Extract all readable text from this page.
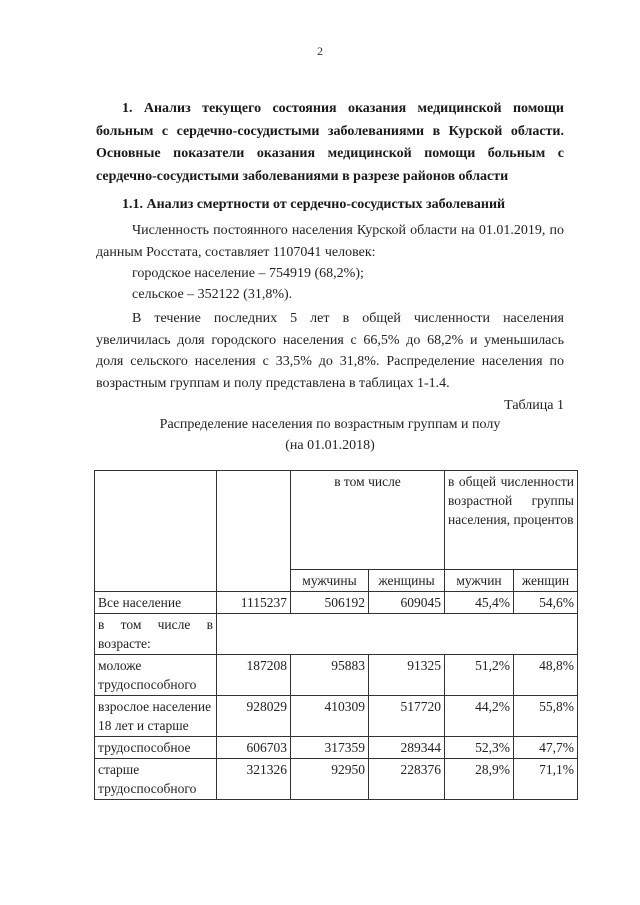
2
1. Анализ текущего состояния оказания медицинской помощи больным с сердечно-сосудистыми заболеваниями в Курской области. Основные показатели оказания медицинской помощи больным с сердечно-сосудистыми заболеваниями в разрезе районов области
1.1. Анализ смертности от сердечно-сосудистых заболеваний
Численность постоянного населения Курской области на 01.01.2019, по данным Росстата, составляет 1107041 человек:
городское население – 754919 (68,2%);
сельское – 352122 (31,8%).
В течение последних 5 лет в общей численности населения увеличилась доля городского населения с 66,5% до 68,2% и уменьшилась доля сельского населения с 33,5% до 31,8%. Распределение населения по возрастным группам и полу представлена в таблицах 1-1.4.
Таблица 1
Распределение населения по возрастным группам и полу
(на 01.01.2018)
		в том числе		в общей численности возрастной группы населения, процентов	
		мужчины	женщины	мужчин	женщин
Все население	1115237	506192	609045	45,4%	54,6%
в том числе в возрасте:					
моложе трудоспособного	187208	95883	91325	51,2%	48,8%
взрослое население 18 лет и старше	928029	410309	517720	44,2%	55,8%
трудоспособное	606703	317359	289344	52,3%	47,7%
старше трудоспособного	321326	92950	228376	28,9%	71,1%
